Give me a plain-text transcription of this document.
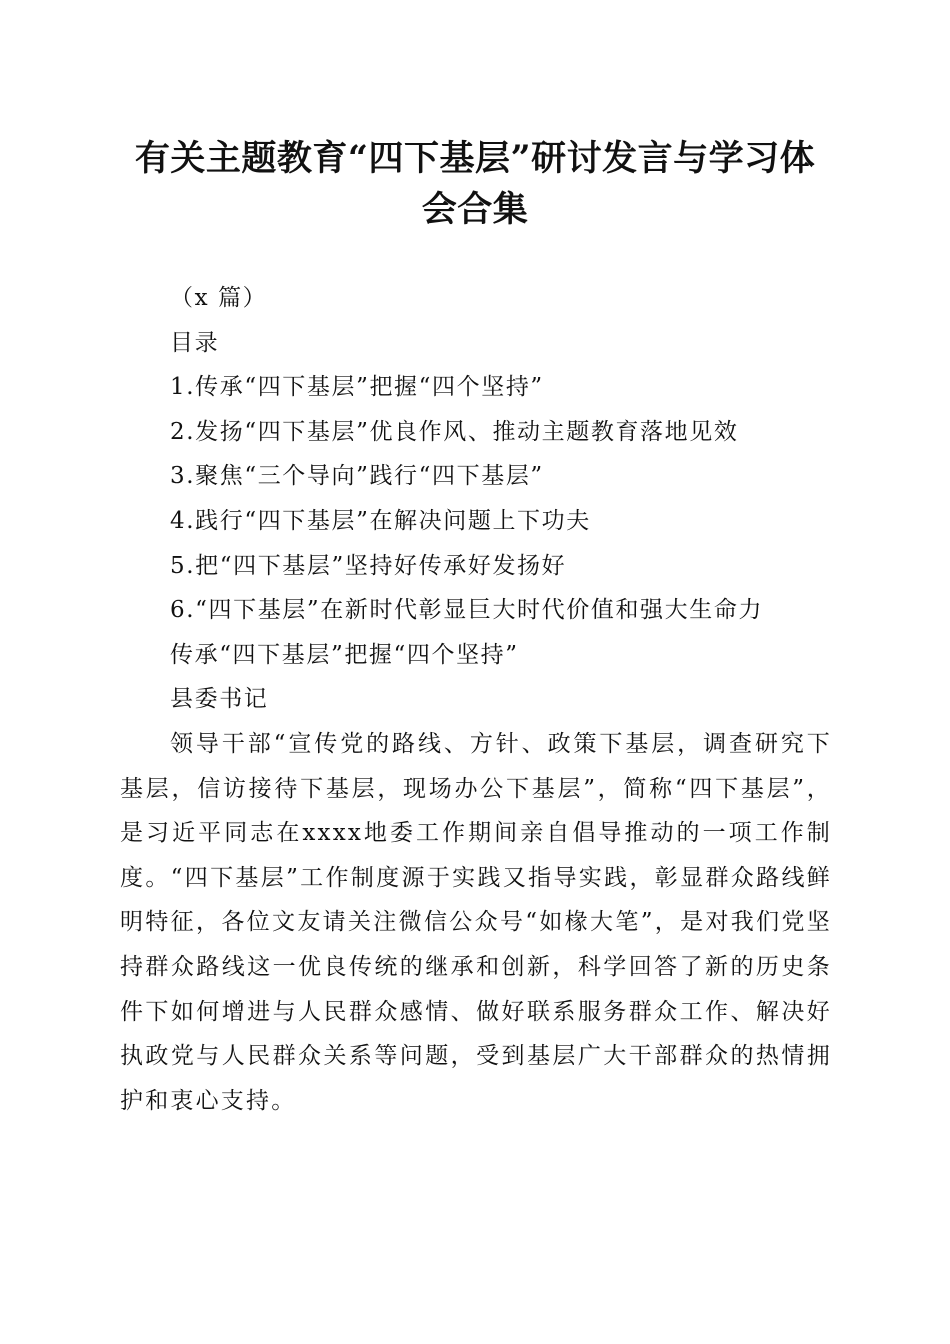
有关主题教育“四下基层”研讨发言与学习体
会合集

（x 篇）

目录

1.传承“四下基层”把握“四个坚持”

2.发扬“四下基层”优良作风、推动主题教育落地见效

3.聚焦“三个导向”践行“四下基层”

4.践行“四下基层”在解决问题上下功夫

5.把“四下基层”坚持好传承好发扬好

6.“四下基层”在新时代彰显巨大时代价值和强大生命力

传承“四下基层”把握“四个坚持”

县委书记

领导干部“宣传党的路线、方针、政策下基层，调查研究下基层，信访接待下基层，现场办公下基层”，简称“四下基层”，是习近平同志在xxxx地委工作期间亲自倡导推动的一项工作制度。“四下基层”工作制度源于实践又指导实践，彰显群众路线鲜明特征，各位文友请关注微信公众号“如椽大笔”，是对我们党坚持群众路线这一优良传统的继承和创新，科学回答了新的历史条件下如何增进与人民群众感情、做好联系服务群众工作、解决好执政党与人民群众关系等问题，受到基层广大干部群众的热情拥护和衷心支持。
